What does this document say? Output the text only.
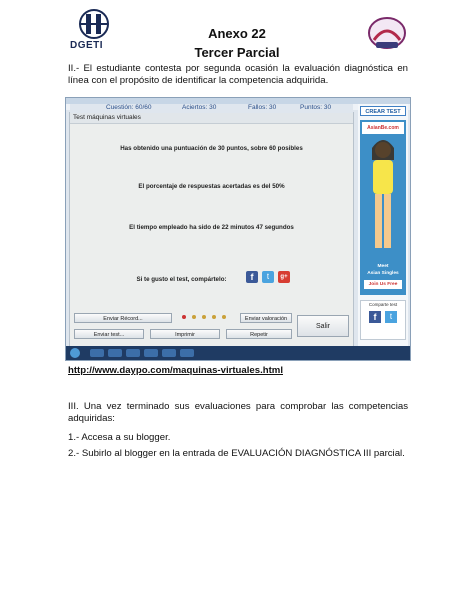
DGETI
Anexo 22
Tercer Parcial
II.- El estudiante contesta por segunda ocasión la evaluación diagnóstica en línea con el propósito de identificar la competencia adquirida.

Cuestión: 60/60	Aciertos: 30	Fallos: 30	Puntos: 30
Test máquinas virtuales
Has obtenido una puntuación de 30 puntos, sobre 60 posibles
El porcentaje de respuestas acertadas es del 50%
El tiempo empleado ha sido de 22 minutos 47 segundos
Si te gusto el test, compártelo:	f	t	g+
Enviar Récord...	Enviar valoración
Enviar test...	Imprimir	Repetir
Salir
CREAR TEST
AsianBe.com
Meet
Asian Singles
Join Us Free
Comparte test
f	t
http://www.daypo.com/maquinas-virtuales.html
III. Una vez terminado sus evaluaciones para comprobar las competencias adquiridas:
1.- Accesa a su blogger.
2.- Subirlo al blogger en la entrada de EVALUACIÓN DIAGNÓSTICA III parcial.
